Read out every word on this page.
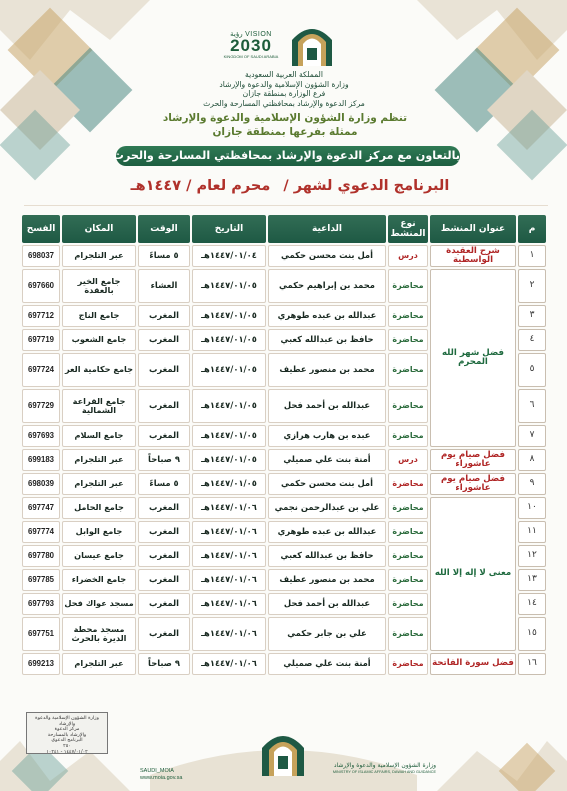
VISION رؤية
2030
KINGDOM OF SAUDI ARABIA
المملكة العربية السعودية
وزارة الشؤون الإسلامية والدعوة والإرشاد
فرع الوزارة بمنطقة جازان
مركز الدعوة والإرشاد بمحافظتي المسارحة والحرث
تنظم وزارة الشؤون الإسلامية والدعوة والإرشاد
ممثلة بفرعها بمنطقة جازان
بالتعاون مع مركز الدعوة والإرشاد بمحافظتي المسارحة والحرث
البرنامج الدعوي لشهر / محرم لعام / ١٤٤٧هـ
م	عنوان المنشط	نوع المنشط	الداعية	التاريخ	الوقت	المكان	الفسح
١	شرح العقيدة الواسطية	درس	أمل بنت محسن حكمي	١٤٤٧/٠١/٠٤هـ	٥ مساءً	عبر التلجرام	698037
٢	فضل شهر الله المحرم	محاضرة	محمد بن إبراهيم حكمي	١٤٤٧/٠١/٠٥هـ	العشاء	جامع الخير بالعقدة	697660
٣		محاضرة	عبدالله بن عبده طوهري	١٤٤٧/٠١/٠٥هـ	المغرب	جامع الناج	697712
٤		محاضرة	حافظ بن عبدالله كعبي	١٤٤٧/٠١/٠٥هـ	المغرب	جامع الشعوب	697719
٥		محاضرة	محمد بن منصور عطيف	١٤٤٧/٠١/٠٥هـ	المغرب	جامع حكامية العر	697724
٦		محاضرة	عبدالله بن أحمد فحل	١٤٤٧/٠١/٠٥هـ	المغرب	جامع القراعة الشمالية	697729
٧		محاضرة	عبده بن هارب هرازي	١٤٤٧/٠١/٠٥هـ	المغرب	جامع السلام	697693
٨	فضل صيام يوم عاشوراء	درس	أمنة بنت علي صميلي	١٤٤٧/٠١/٠٥هـ	٩ صباحاً	عبر التلجرام	699183
٩	فضل صيام يوم عاشوراء	محاضرة	أمل بنت محسن حكمي	١٤٤٧/٠١/٠٥هـ	٥ مساءً	عبر التلجرام	698039
١٠	معنى لا إله إلا الله	محاضرة	علي بن عبدالرحمن نجمي	١٤٤٧/٠١/٠٦هـ	المغرب	جامع الحامل	697747
١١		محاضرة	عبدالله بن عبده طوهري	١٤٤٧/٠١/٠٦هـ	المغرب	جامع الوابل	697774
١٢		محاضرة	حافظ بن عبدالله كعبي	١٤٤٧/٠١/٠٦هـ	المغرب	جامع عيسان	697780
١٣		محاضرة	محمد بن منصور عطيف	١٤٤٧/٠١/٠٦هـ	المغرب	جامع الخضراء	697785
١٤		محاضرة	عبدالله بن أحمد فحل	١٤٤٧/٠١/٠٦هـ	المغرب	مسجد عواك فحل	697793
١٥		محاضرة	علي بن جابر حكمي	١٤٤٧/٠١/٠٦هـ	المغرب	مسجد محطة الديرة بالحرث	697751
١٦	فضل سورة الفاتحة	محاضرة	أمنة بنت علي صميلي	١٤٤٧/٠١/٠٦هـ	٩ صباحاً	عبر التلجرام	699213
وزارة الشؤون الإسلامية والدعوة والإرشاد
مركز الدعوة
والإرشاد بالمسارحة
البرنامج الدعوي
٢٥٠
١٤٤٧/٠١/٠٢ - ١٠٢٤١
SAUDI_MOIA
www.moia.gov.sa
وزارة الشؤون الإسلامية والدعوة والإرشاد
MINISTRY OF ISLAMIC AFFAIRS, DAWAH AND GUIDANCE
